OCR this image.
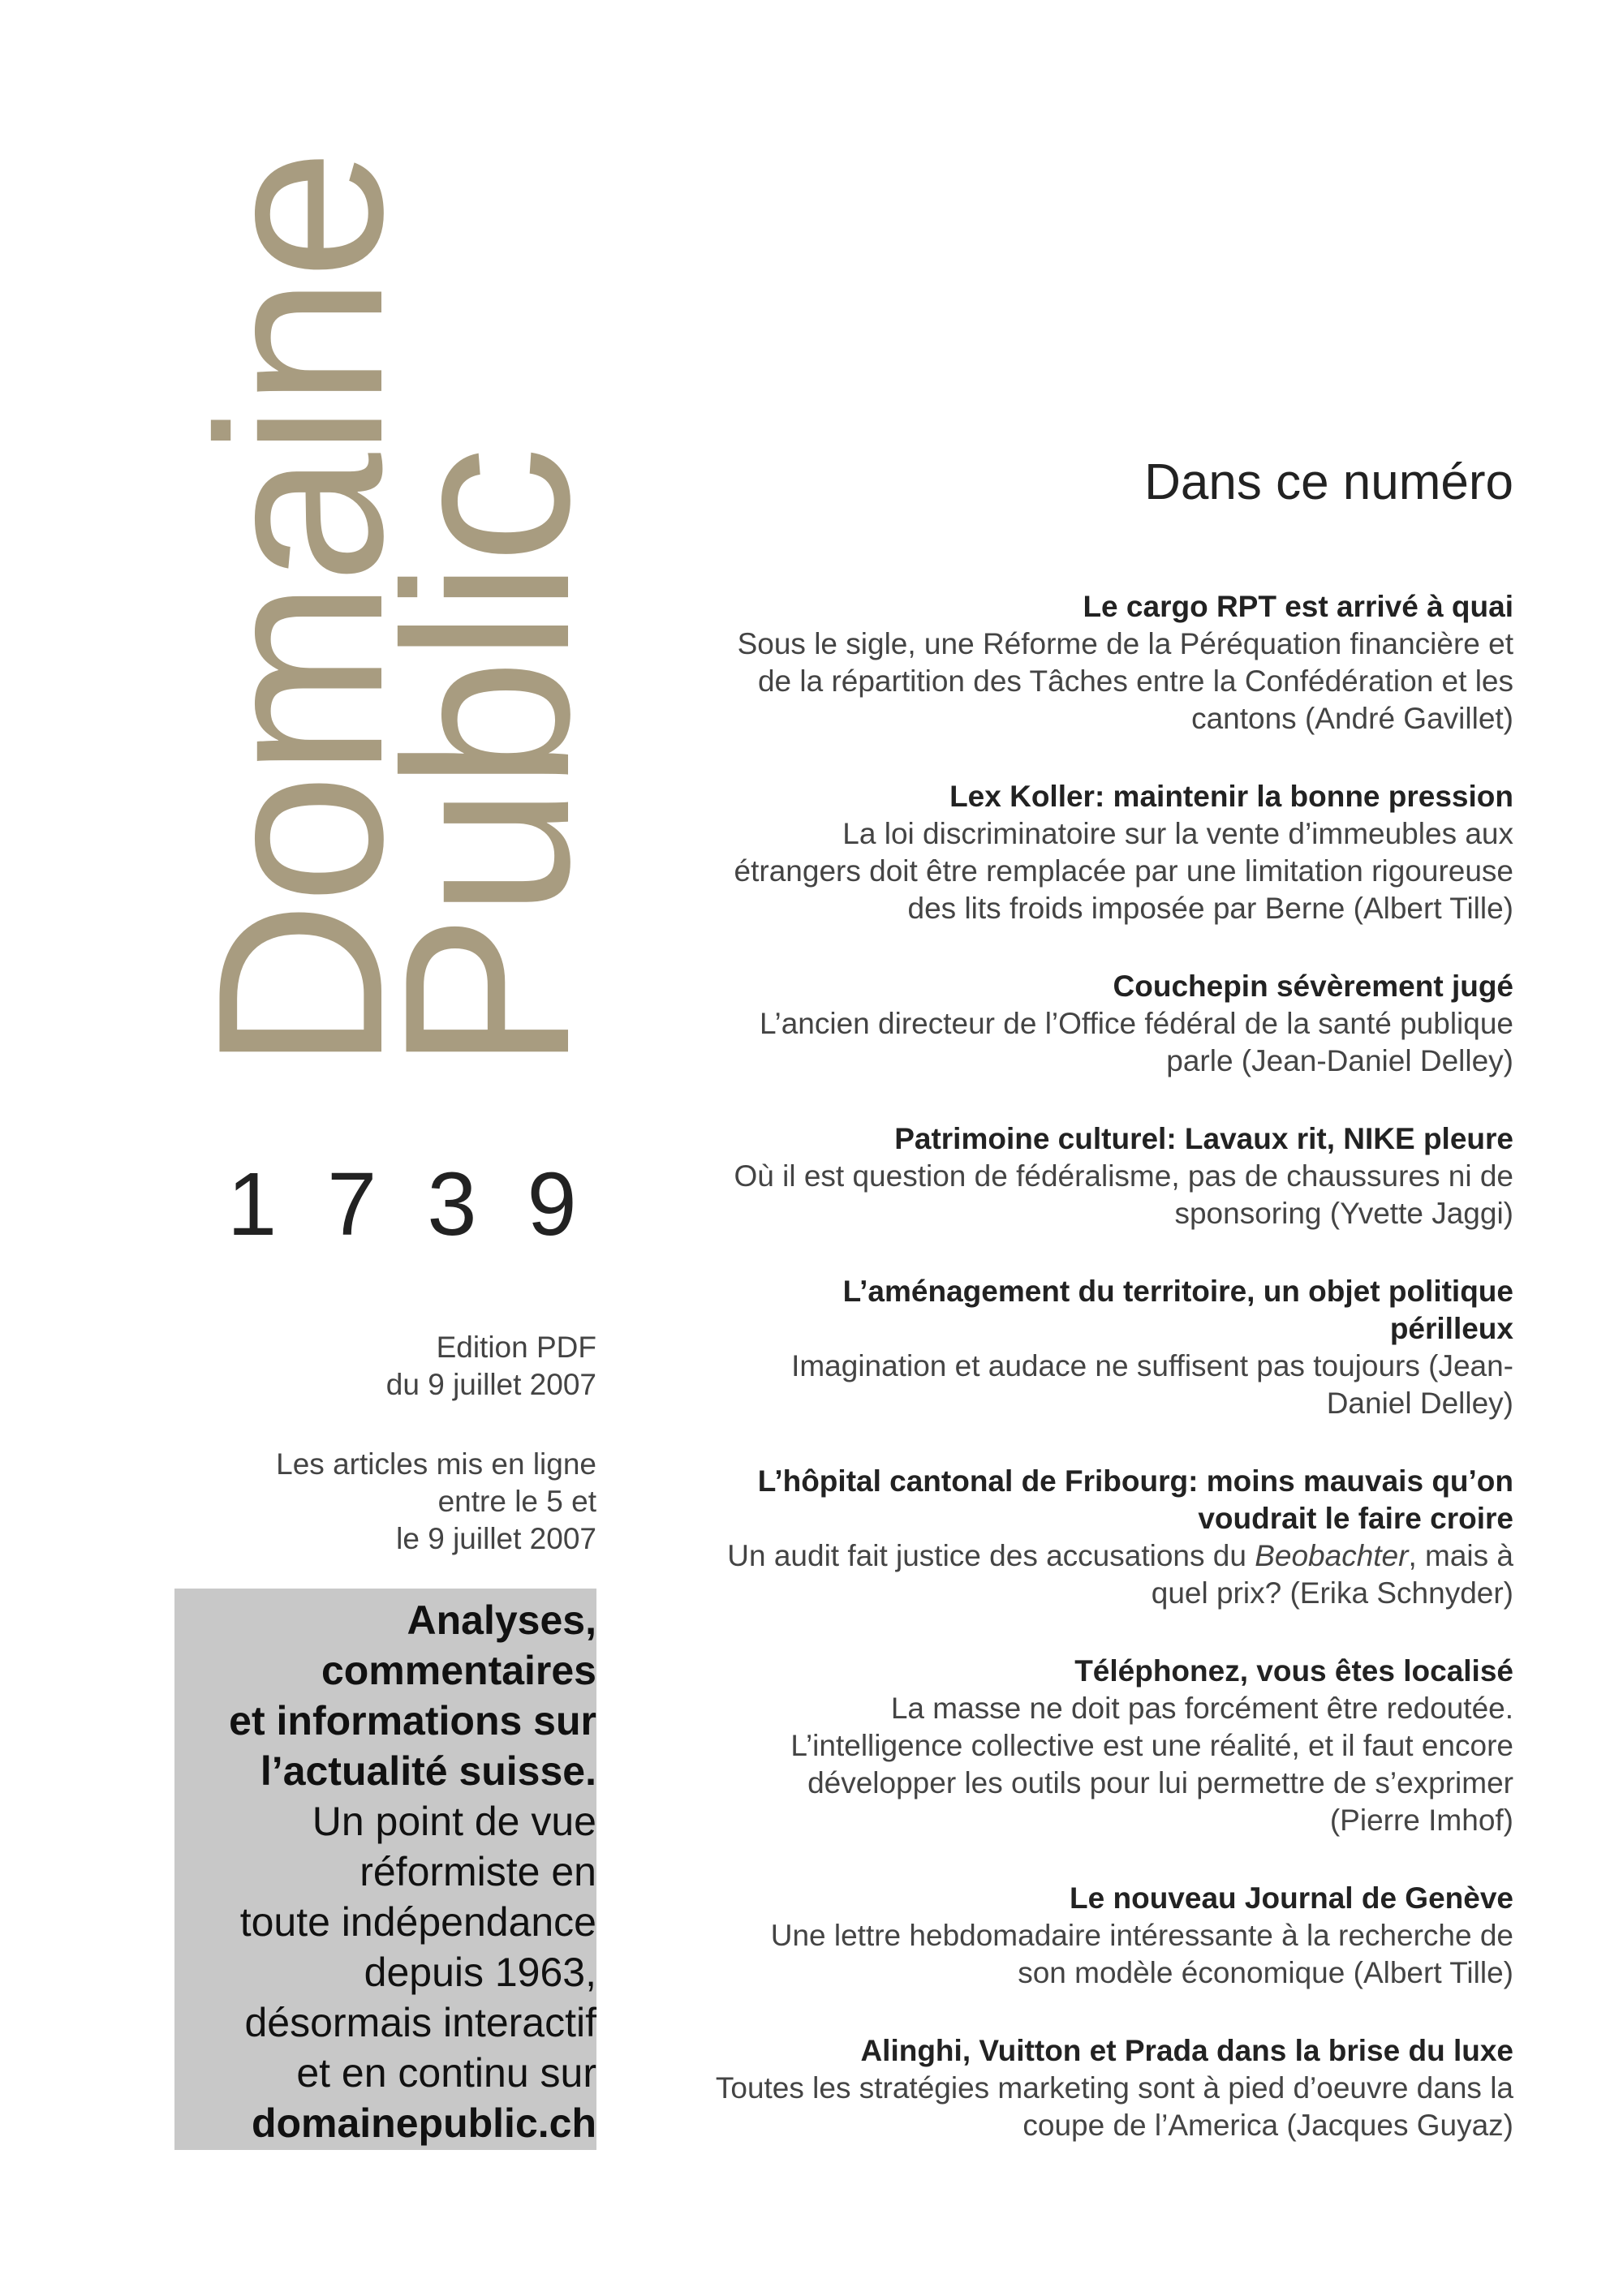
Domaine
Public
1739
Edition PDF
du 9 juillet 2007
Les articles mis en ligne
entre le 5 et
le 9 juillet 2007
Analyses,
commentaires
et informations sur
l’actualité suisse.
Un point de vue
réformiste en
toute indépendance
depuis 1963,
désormais interactif
et en continu sur
domainepublic.ch
Dans ce numéro
Le cargo RPT est arrivé à quai
Sous le sigle, une Réforme de la Péréquation financière et de la répartition des Tâches entre la Confédération et les cantons (André Gavillet)
Lex Koller: maintenir la bonne pression
La loi discriminatoire sur la vente d’immeubles aux étrangers doit être remplacée par une limitation rigoureuse des lits froids imposée par Berne (Albert Tille)
Couchepin sévèrement jugé
L’ancien directeur de l’Office fédéral de la santé publique parle (Jean-Daniel Delley)
Patrimoine culturel: Lavaux rit, NIKE pleure
Où il est question de fédéralisme, pas de chaussures ni de sponsoring (Yvette Jaggi)
L’aménagement du territoire, un objet politique périlleux
Imagination et audace ne suffisent pas toujours (Jean-Daniel Delley)
L’hôpital cantonal de Fribourg: moins mauvais qu’on voudrait le faire croire
Un audit fait justice des accusations du Beobachter, mais à quel prix? (Erika Schnyder)
Téléphonez, vous êtes localisé
La masse ne doit pas forcément être redoutée. L’intelligence collective est une réalité, et il faut encore développer les outils pour lui permettre de s’exprimer (Pierre Imhof)
Le nouveau Journal de Genève
Une lettre hebdomadaire intéressante à la recherche de son modèle économique (Albert Tille)
Alinghi, Vuitton et Prada dans la brise du luxe
Toutes les stratégies marketing sont à pied d’oeuvre dans la coupe de l’America (Jacques Guyaz)
